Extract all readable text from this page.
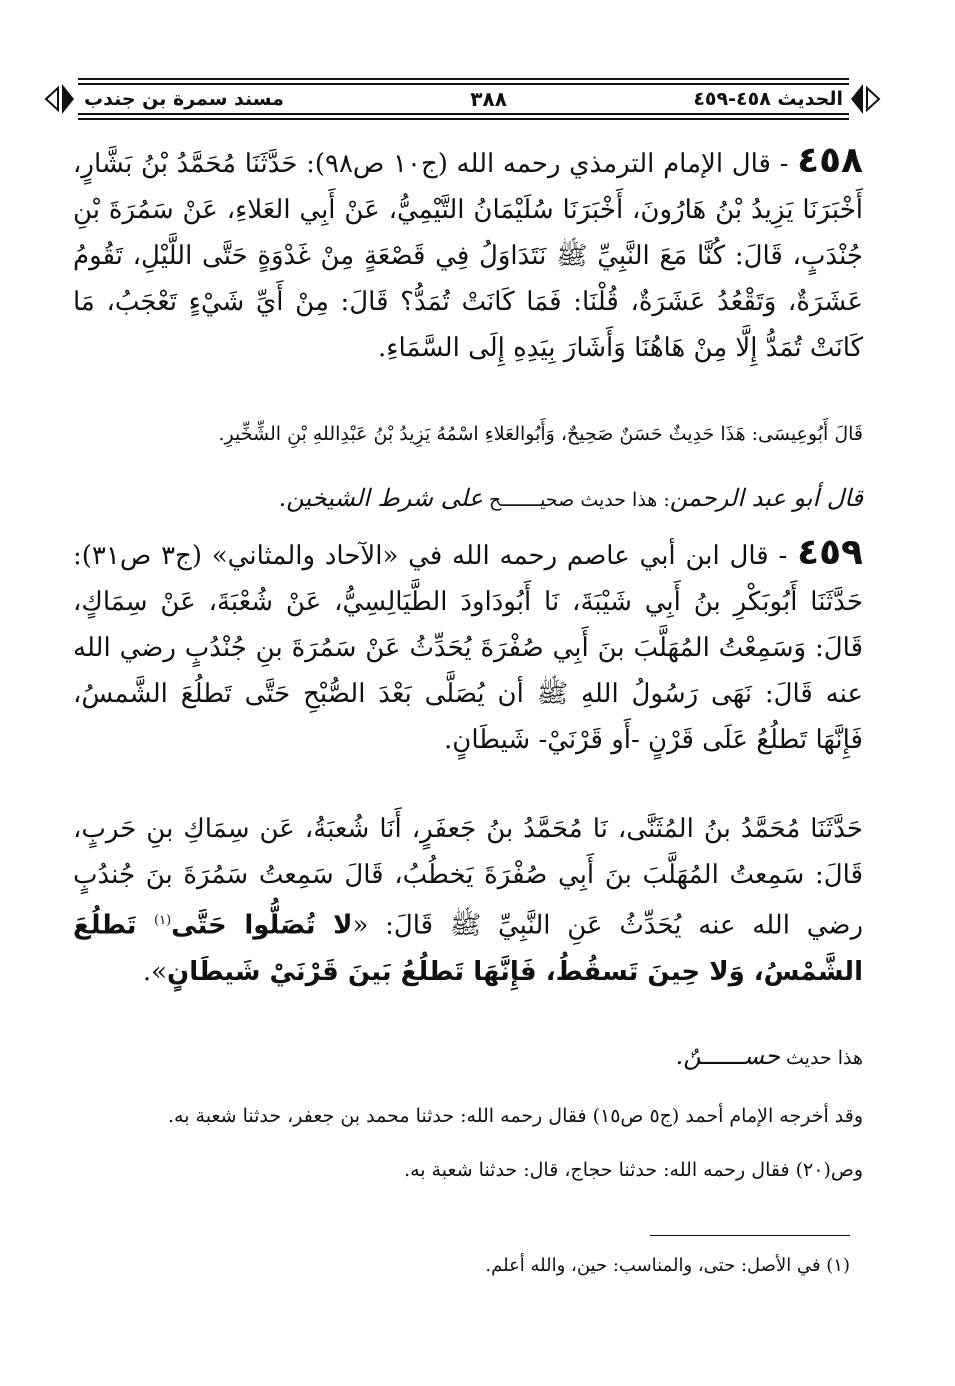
الحديث ٤٥٨-٤٥٩
٣٨٨
مسند سمرة بن جندب

٤٥٨ - قال الإمام الترمذي رحمه الله (ج١٠ ص٩٨): حَدَّثَنَا مُحَمَّدُ بْنُ بَشَّارٍ، أَخْبَرَنَا يَزِيدُ بْنُ هَارُونَ، أَخْبَرَنَا سُلَيْمَانُ التَّيْمِيُّ، عَنْ أَبِي العَلاءِ، عَنْ سَمُرَةَ بْنِ جُنْدَبٍ، قَالَ: كُنَّا مَعَ النَّبِيِّ ﷺ نَتَدَاوَلُ فِي قَصْعَةٍ مِنْ غَدْوَةٍ حَتَّى اللَّيْلِ، تَقُومُ عَشَرَةٌ، وَتَقْعُدُ عَشَرَةٌ، قُلْنَا: فَمَا كَانَتْ تُمَدُّ؟ قَالَ: مِنْ أَيِّ شَيْءٍ تَعْجَبُ، مَا كَانَتْ تُمَدُّ إِلَّا مِنْ هَاهُنَا وَأَشَارَ بِيَدِهِ إِلَى السَّمَاءِ.

قَالَ أَبُوعِيسَى: هَذَا حَدِيثٌ حَسَنٌ صَحِيحٌ، وَأَبُوالعَلاءِ اسْمُهُ يَزِيدُ بْنُ عَبْدِاللهِ بْنِ الشِّخِّيرِ.

قال أبو عبد الرحمن: هذا حديث صحيـــــــح على شرط الشيخين.

٤٥٩ - قال ابن أبي عاصم رحمه الله في «الآحاد والمثاني» (ج٣ ص٣١): حَدَّثَنَا أَبُوبَكْرِ بنُ أَبِي شَيْبَةَ، نَا أَبُودَاودَ الطَّيَالِسِيُّ، عَنْ شُعْبَةَ، عَنْ سِمَاكٍ، قَالَ: وَسَمِعْتُ المُهَلَّبَ بنَ أَبِي صُفْرَةَ يُحَدِّثُ عَنْ سَمُرَةَ بنِ جُنْدُبٍ رضي الله عنه قَالَ: نَهَى رَسُولُ اللهِ ﷺ أن يُصَلَّى بَعْدَ الصُّبْحِ حَتَّى تَطلُعَ الشَّمسُ، فَإِنَّهَا تَطلُعُ عَلَى قَرْنٍ -أَو قَرْنَيْ- شَيطَانٍ.

حَدَّثَنَا مُحَمَّدُ بنُ المُثَنَّى، نَا مُحَمَّدُ بنُ جَعفَرٍ، أَنَا شُعبَةُ، عَن سِمَاكِ بنِ حَربٍ، قَالَ: سَمِعتُ المُهَلَّبَ بنَ أَبِي صُفْرَةَ يَخطُبُ، قَالَ سَمِعتُ سَمُرَةَ بنَ جُندُبٍ رضي الله عنه يُحَدِّثُ عَنِ النَّبِيِّ ﷺ قَالَ: «لا تُصَلُّوا حَتَّى$^{(١)}$ تَطلُعَ الشَّمْسُ، وَلا حِينَ تَسقُطُ، فَإِنَّهَا تَطلُعُ بَينَ قَرْنَيْ شَيطَانٍ».

هذا حديث حســــــنٌ.

وقد أخرجه الإمام أحمد (ج٥ ص١٥) فقال رحمه الله: حدثنا محمد بن جعفر، حدثنا شعبة به.

وص(٢٠) فقال رحمه الله: حدثنا حجاج، قال: حدثنا شعبة به.

(١) في الأصل: حتى، والمناسب: حين، والله أعلم.
